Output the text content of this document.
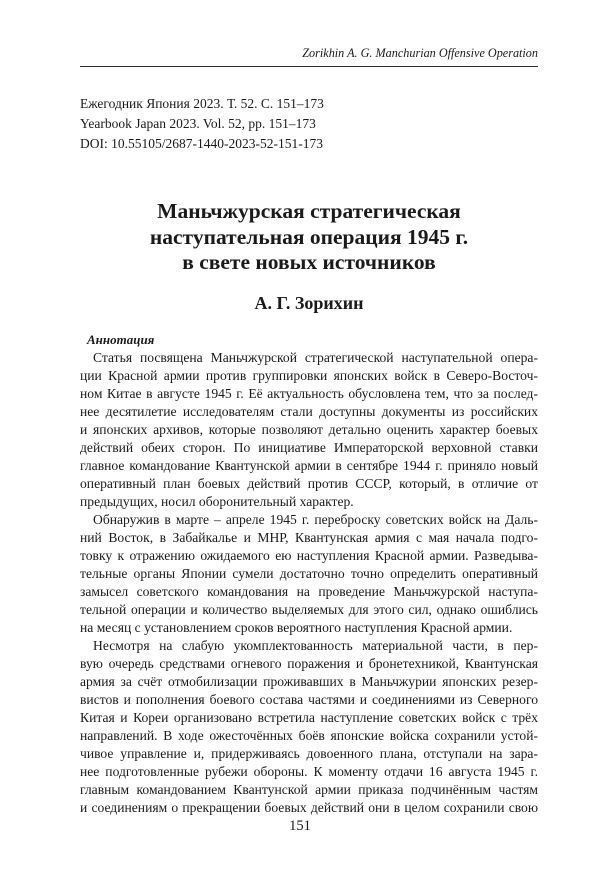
Zorikhin A. G. Manchurian Offensive Operation
Ежегодник Япония 2023. Т. 52. С. 151–173
Yearbook Japan 2023. Vol. 52, pp. 151–173
DOI: 10.55105/2687-1440-2023-52-151-173
Маньчжурская стратегическая
наступательная операция 1945 г.
в свете новых источников
А. Г. Зорихин
Аннотация
Статья посвящена Маньчжурской стратегической наступательной опера-
ции Красной армии против группировки японских войск в Северо-Восточ-
ном Китае в августе 1945 г. Её актуальность обусловлена тем, что за послед-
нее десятилетие исследователям стали доступны документы из российских
и японских архивов, которые позволяют детально оценить характер боевых
действий обеих сторон. По инициативе Императорской верховной ставки
главное командование Квантунской армии в сентябре 1944 г. приняло новый
оперативный план боевых действий против СССР, который, в отличие от
предыдущих, носил оборонительный характер.
Обнаружив в марте – апреле 1945 г. переброску советских войск на Даль-
ний Восток, в Забайкалье и МНР, Квантунская армия с мая начала подго-
товку к отражению ожидаемого ею наступления Красной армии. Разведыва-
тельные органы Японии сумели достаточно точно определить оперативный
замысел советского командования на проведение Маньчжурской наступа-
тельной операции и количество выделяемых для этого сил, однако ошиблись
на месяц с установлением сроков вероятного наступления Красной армии.
Несмотря на слабую укомплектованность материальной части, в пер-
вую очередь средствами огневого поражения и бронетехникой, Квантунская
армия за счёт отмобилизации проживавших в Маньчжурии японских резер-
вистов и пополнения боевого состава частями и соединениями из Северного
Китая и Кореи организовано встретила наступление советских войск с трёх
направлений. В ходе ожесточённых боёв японские войска сохранили устой-
чивое управление и, придерживаясь довоенного плана, отступали на зара-
нее подготовленные рубежи обороны. К моменту отдачи 16 августа 1945 г.
главным командованием Квантунской армии приказа подчинённым частям
и соединениям о прекращении боевых действий они в целом сохранили свою
151
